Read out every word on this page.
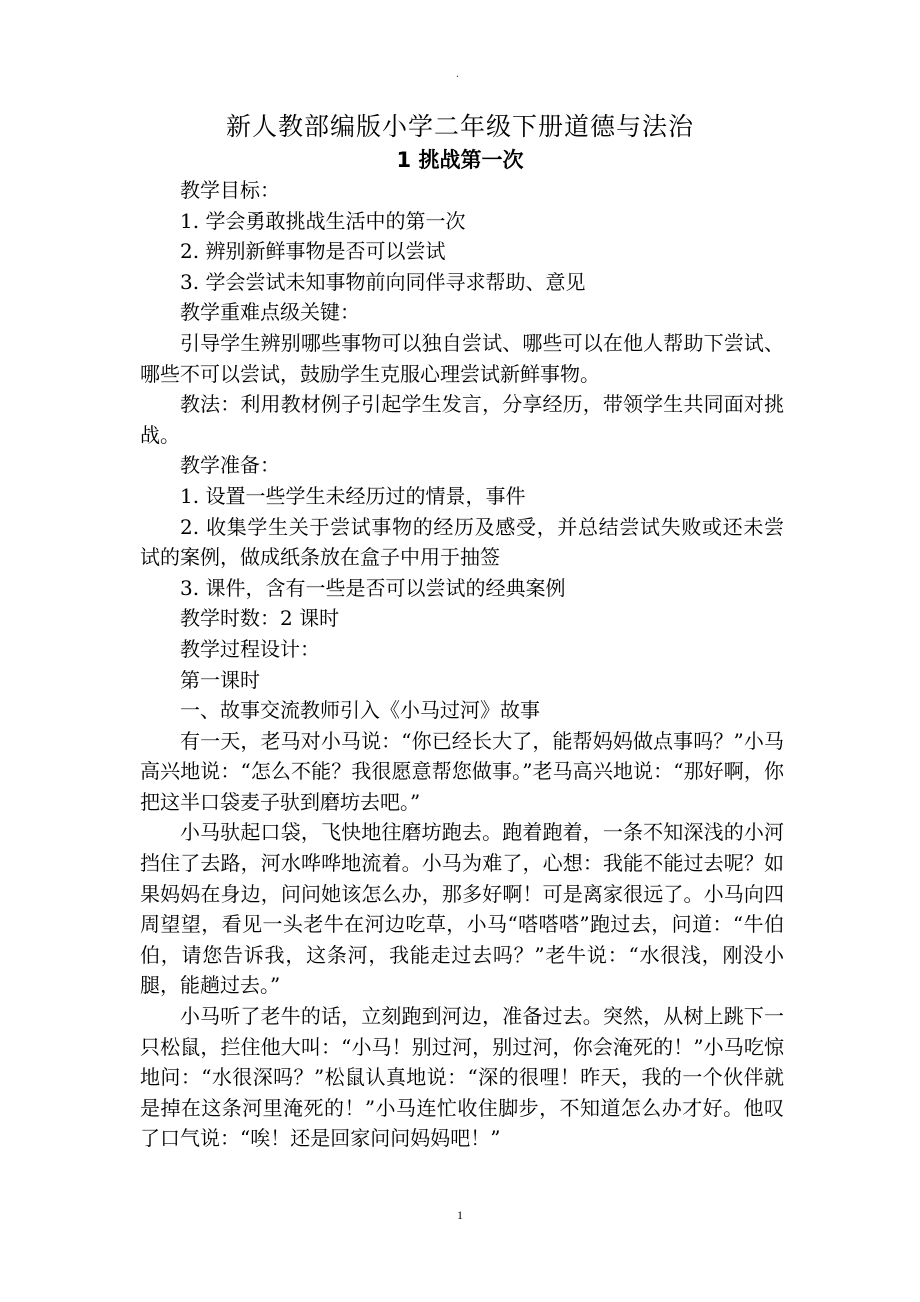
.
新人教部编版小学二年级下册道德与法治
1 挑战第一次

教学目标：

1. 学会勇敢挑战生活中的第一次

2. 辨别新鲜事物是否可以尝试

3. 学会尝试未知事物前向同伴寻求帮助、意见

教学重难点级关键：

引导学生辨别哪些事物可以独自尝试、哪些可以在他人帮助下尝试、哪些不可以尝试，鼓励学生克服心理尝试新鲜事物。

教法：利用教材例子引起学生发言，分享经历，带领学生共同面对挑战。

教学准备：

1. 设置一些学生未经历过的情景，事件

2. 收集学生关于尝试事物的经历及感受，并总结尝试失败或还未尝试的案例，做成纸条放在盒子中用于抽签

3. 课件，含有一些是否可以尝试的经典案例

教学时数：2 课时

教学过程设计：

第一课时

一、故事交流教师引入《小马过河》故事

有一天，老马对小马说：“你已经长大了，能帮妈妈做点事吗？”小马高兴地说：“怎么不能？我很愿意帮您做事。”老马高兴地说：“那好啊，你把这半口袋麦子驮到磨坊去吧。”

小马驮起口袋，飞快地往磨坊跑去。跑着跑着，一条不知深浅的小河挡住了去路，河水哗哗地流着。小马为难了，心想：我能不能过去呢？如果妈妈在身边，问问她该怎么办，那多好啊！可是离家很远了。小马向四周望望，看见一头老牛在河边吃草，小马“嗒嗒嗒”跑过去，问道：“牛伯伯，请您告诉我，这条河，我能走过去吗？”老牛说：“水很浅，刚没小腿，能趟过去。”

小马听了老牛的话，立刻跑到河边，准备过去。突然，从树上跳下一只松鼠，拦住他大叫：“小马！别过河，别过河，你会淹死的！”小马吃惊地问：“水很深吗？”松鼠认真地说：“深的很哩！昨天，我的一个伙伴就是掉在这条河里淹死的！”小马连忙收住脚步，不知道怎么办才好。他叹了口气说：“唉！还是回家问问妈妈吧！”

1
